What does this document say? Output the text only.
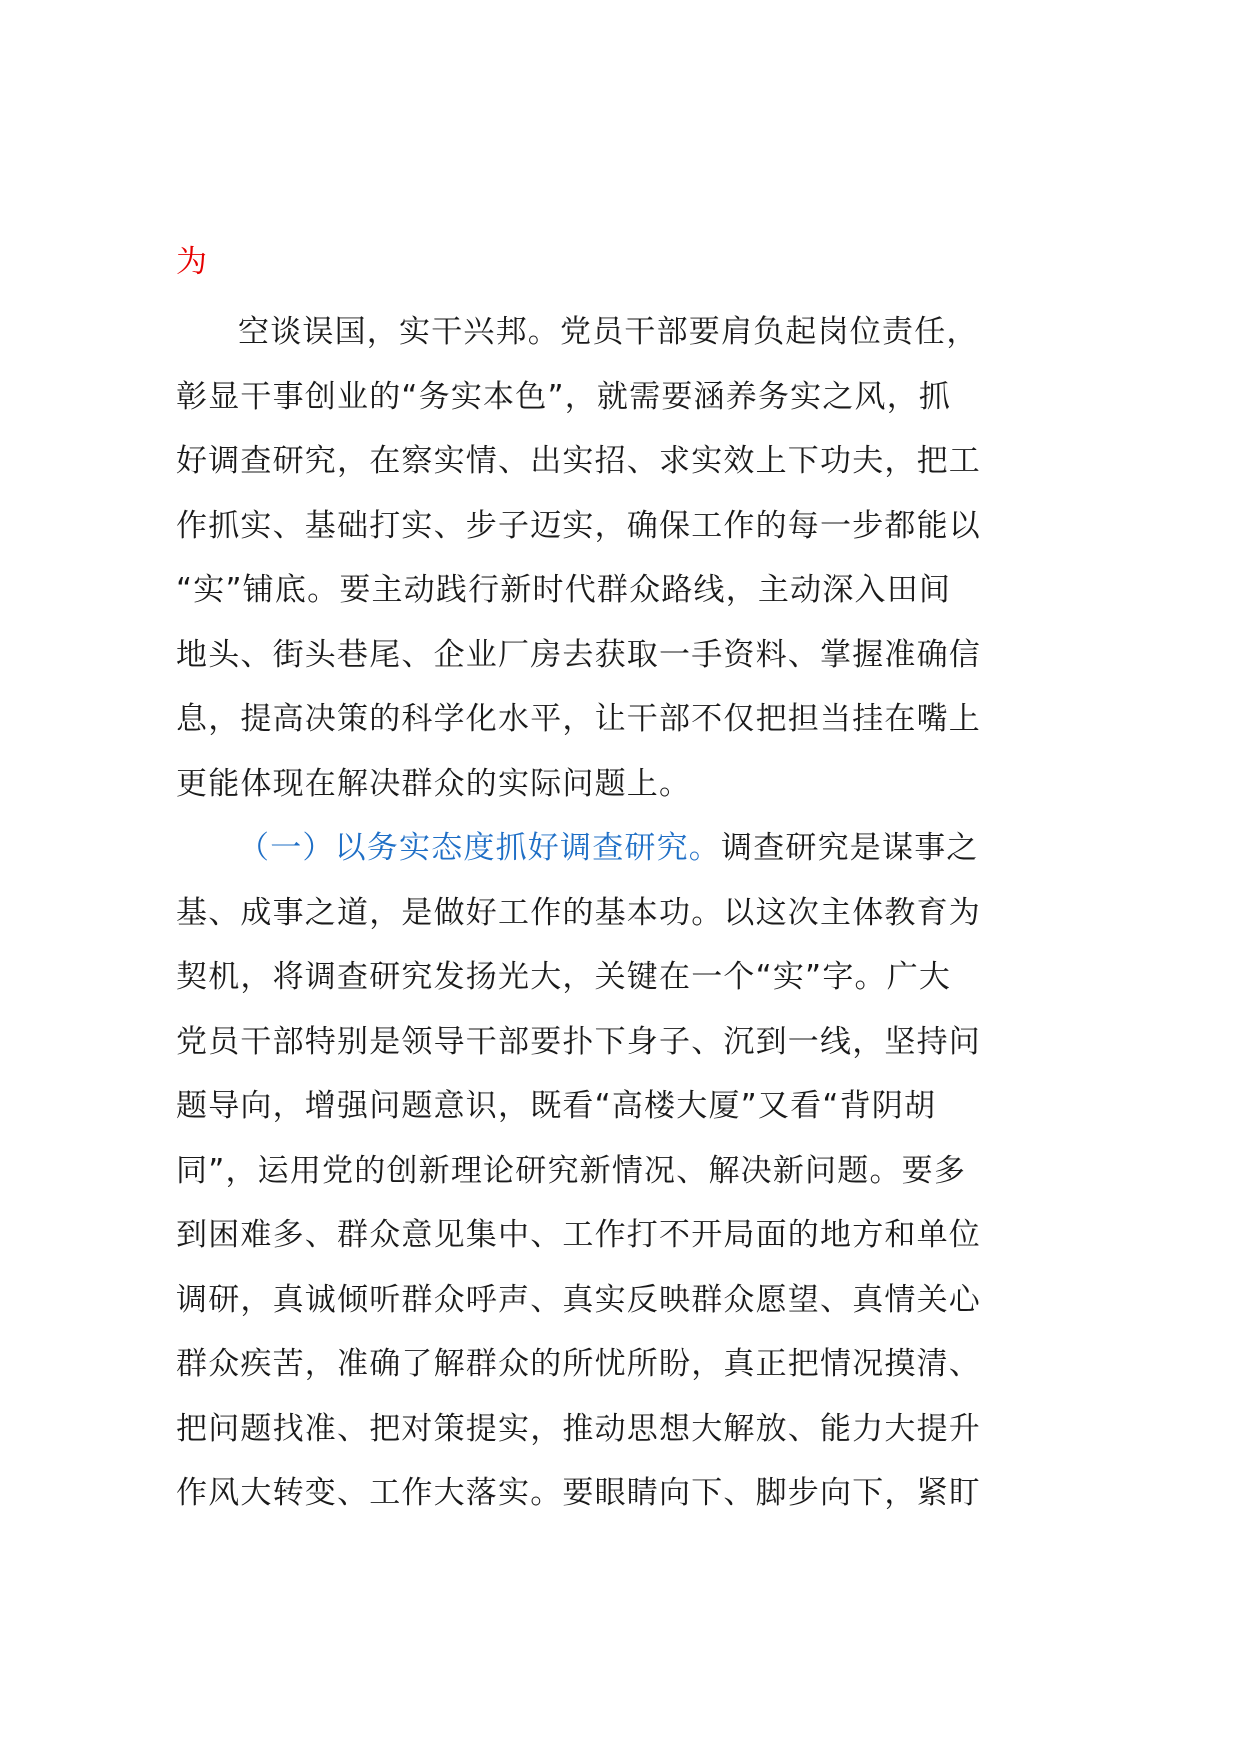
为
空谈误国，实干兴邦。党员干部要肩负起岗位责任，
彰显干事创业的“务实本色”，就需要涵养务实之风，抓
好调查研究，在察实情、出实招、求实效上下功夫，把工
作抓实、基础打实、步子迈实，确保工作的每一步都能以
“实”铺底。要主动践行新时代群众路线，主动深入田间
地头、街头巷尾、企业厂房去获取一手资料、掌握准确信
息，提高决策的科学化水平，让干部不仅把担当挂在嘴上
更能体现在解决群众的实际问题上。
（一）以务实态度抓好调查研究。调查研究是谋事之
基、成事之道，是做好工作的基本功。以这次主体教育为
契机，将调查研究发扬光大，关键在一个“实”字。广大
党员干部特别是领导干部要扑下身子、沉到一线，坚持问
题导向，增强问题意识，既看“高楼大厦”又看“背阴胡
同”，运用党的创新理论研究新情况、解决新问题。要多
到困难多、群众意见集中、工作打不开局面的地方和单位
调研，真诚倾听群众呼声、真实反映群众愿望、真情关心
群众疾苦，准确了解群众的所忧所盼，真正把情况摸清、
把问题找准、把对策提实，推动思想大解放、能力大提升
作风大转变、工作大落实。要眼睛向下、脚步向下，紧盯
